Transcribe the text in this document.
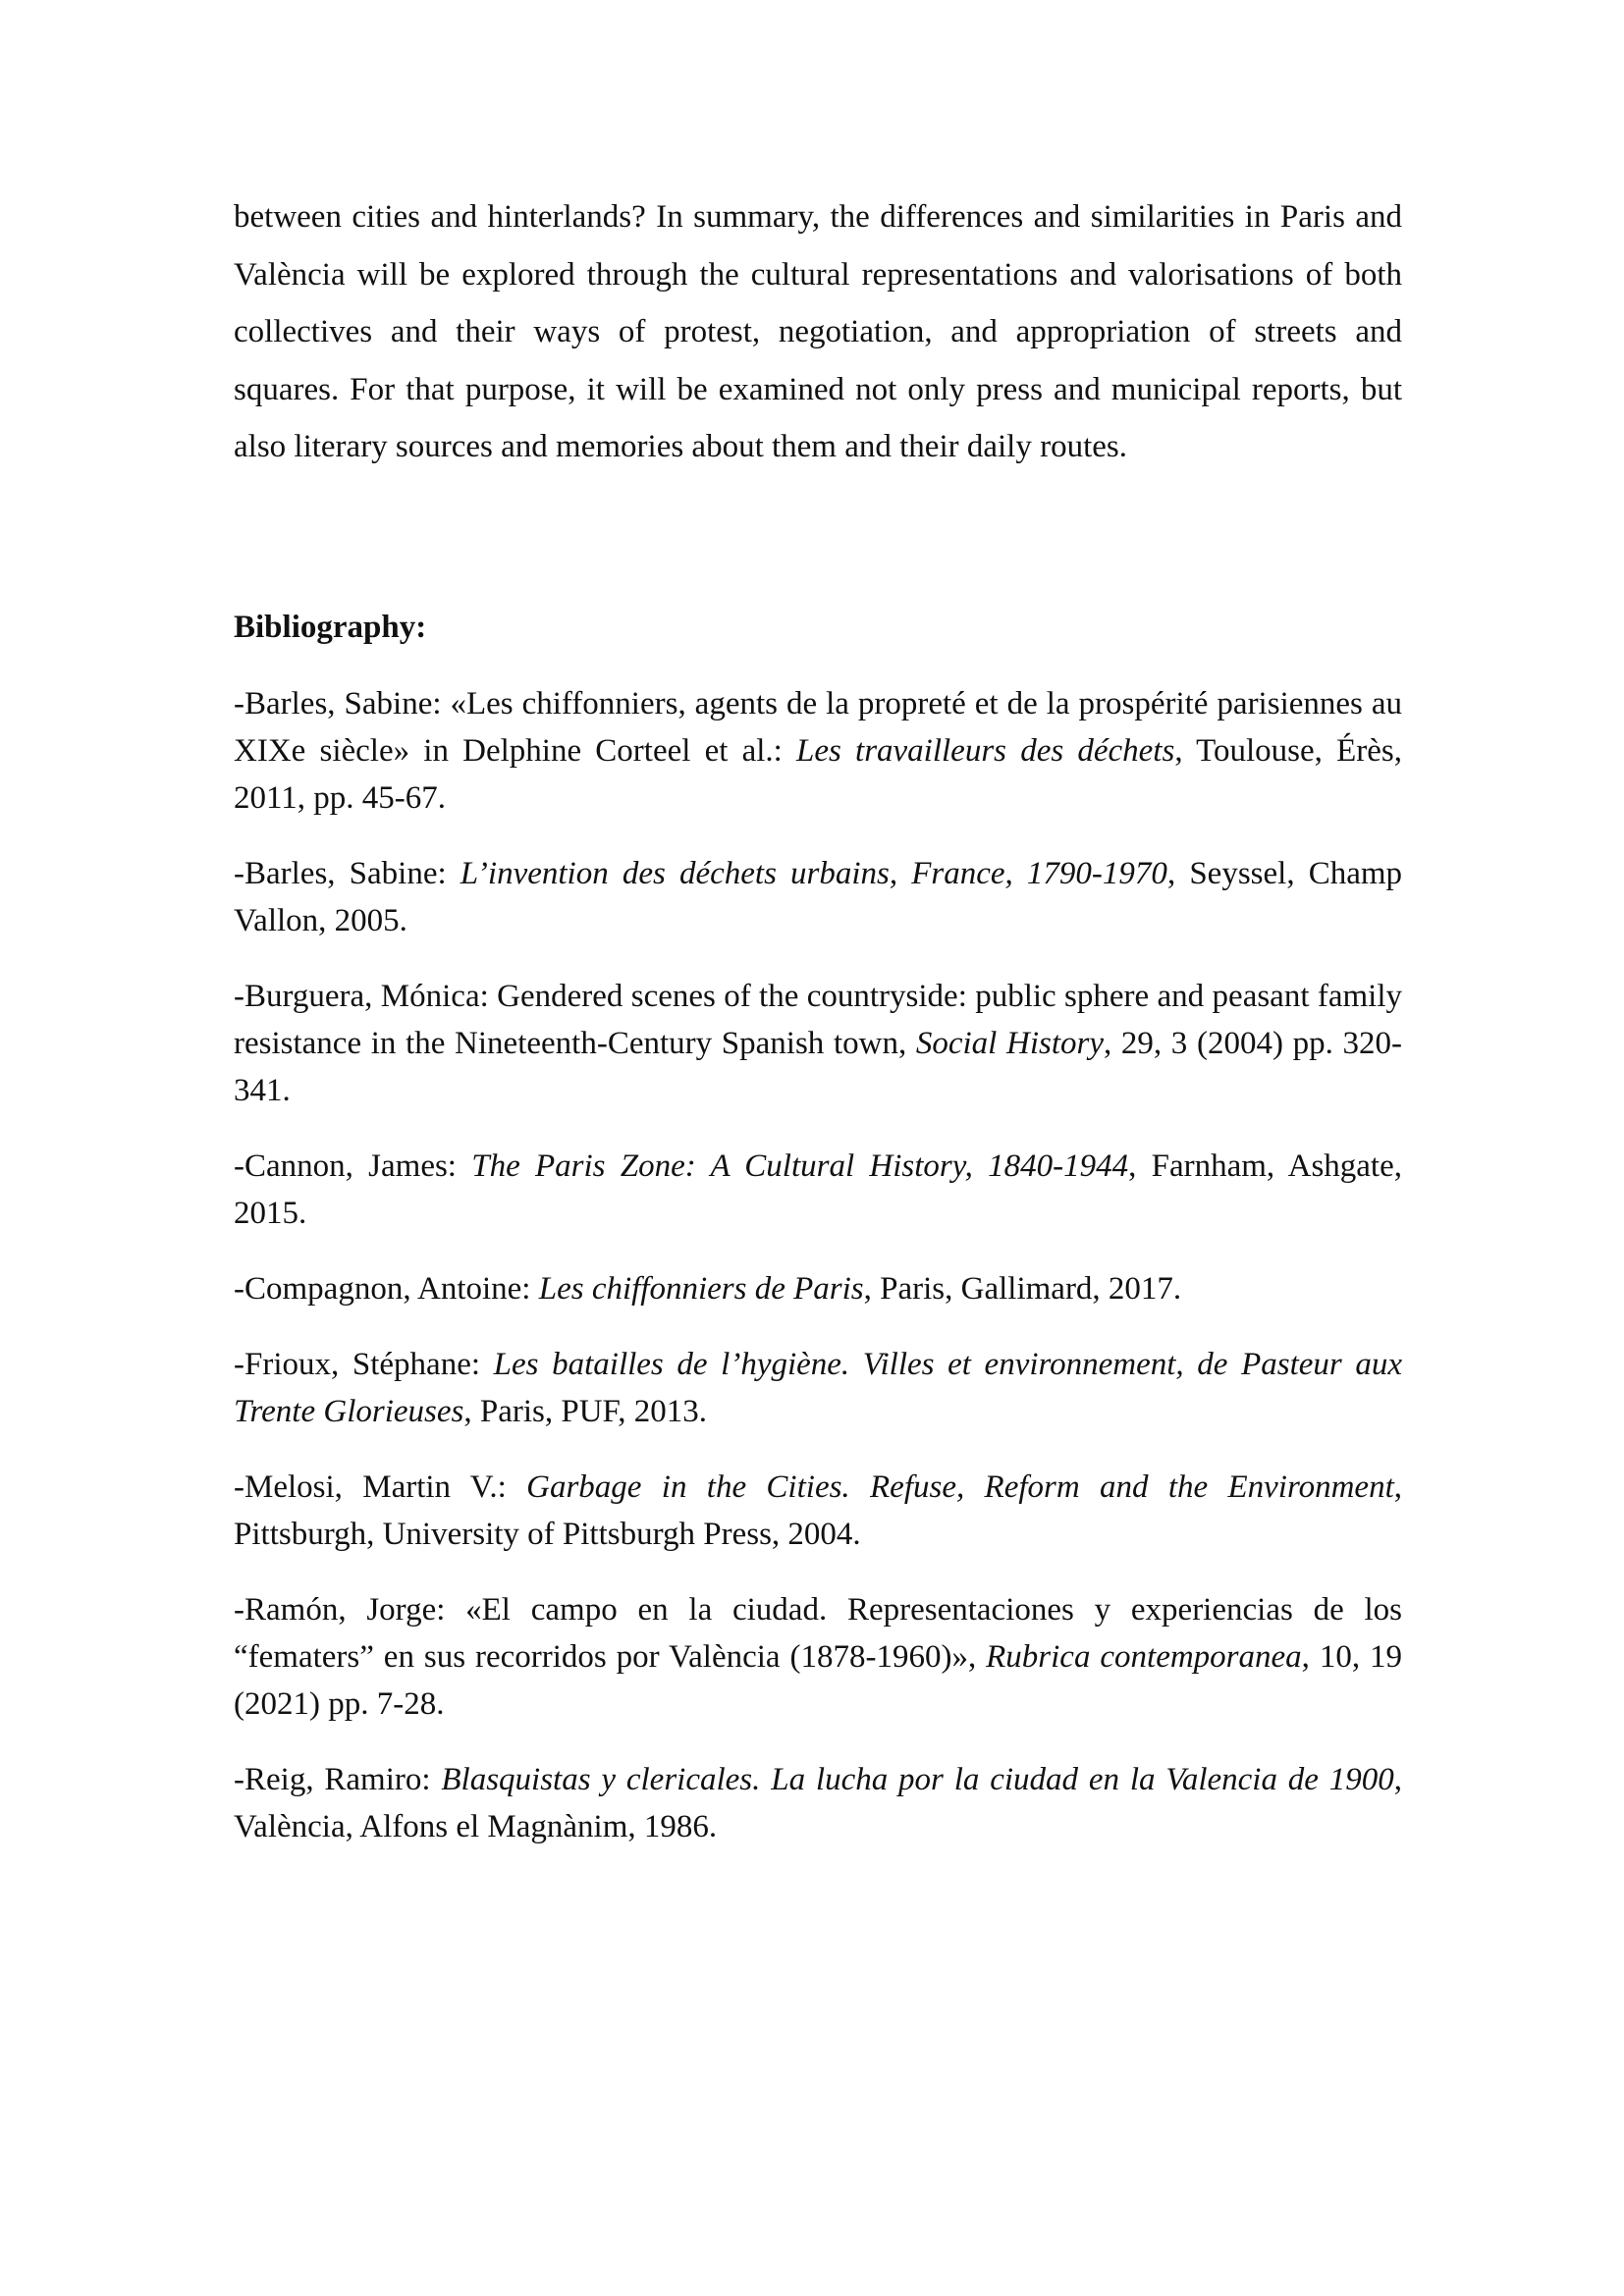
between cities and hinterlands? In summary, the differences and similarities in Paris and València will be explored through the cultural representations and valorisations of both collectives and their ways of protest, negotiation, and appropriation of streets and squares. For that purpose, it will be examined not only press and municipal reports, but also literary sources and memories about them and their daily routes.

Bibliography:
-Barles, Sabine: «Les chiffonniers, agents de la propreté et de la prospérité parisiennes au XIXe siècle» in Delphine Corteel et al.: Les travailleurs des déchets, Toulouse, Érès, 2011, pp. 45-67.
-Barles, Sabine: L’invention des déchets urbains, France, 1790-1970, Seyssel, Champ Vallon, 2005.
-Burguera, Mónica: Gendered scenes of the countryside: public sphere and peasant family resistance in the Nineteenth-Century Spanish town, Social History, 29, 3 (2004) pp. 320-341.
-Cannon, James: The Paris Zone: A Cultural History, 1840-1944, Farnham, Ashgate, 2015.
-Compagnon, Antoine: Les chiffonniers de Paris, Paris, Gallimard, 2017.
-Frioux, Stéphane: Les batailles de l’hygiène. Villes et environnement, de Pasteur aux Trente Glorieuses, Paris, PUF, 2013.
-Melosi, Martin V.: Garbage in the Cities. Refuse, Reform and the Environment, Pittsburgh, University of Pittsburgh Press, 2004.
-Ramón, Jorge: «El campo en la ciudad. Representaciones y experiencias de los “fematers” en sus recorridos por València (1878-1960)», Rubrica contemporanea, 10, 19 (2021) pp. 7-28.
-Reig, Ramiro: Blasquistas y clericales. La lucha por la ciudad en la Valencia de 1900, València, Alfons el Magnànim, 1986.
